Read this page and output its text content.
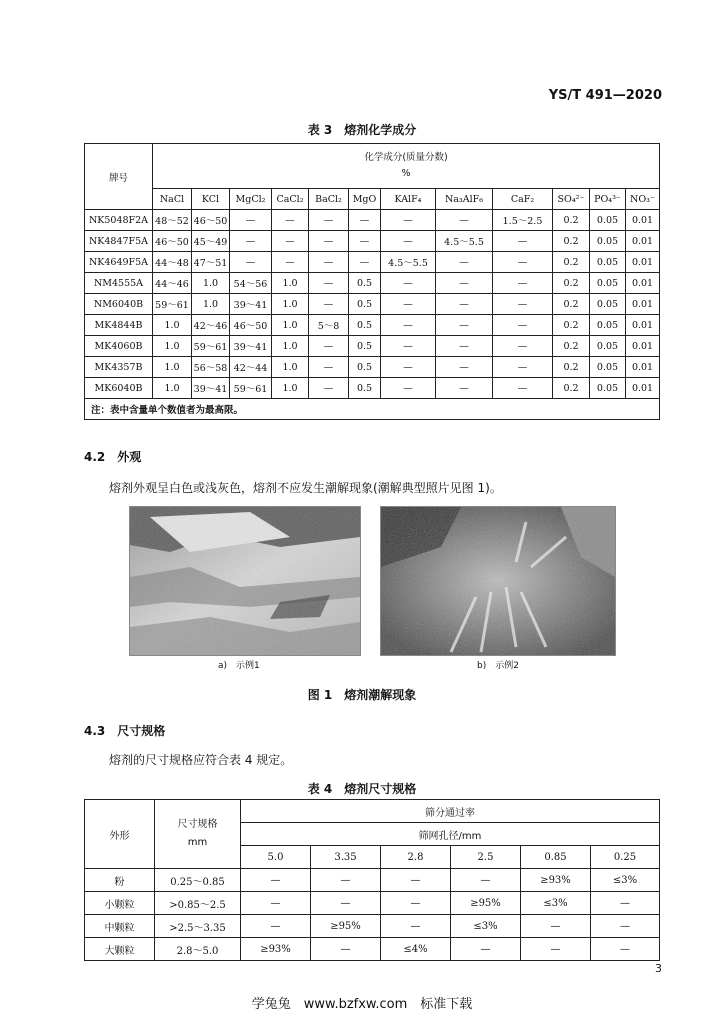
YS/T 491—2020
表 3　熔剂化学成分
牌号	化学成分(质量分数)
%											
	NaCl	KCl	MgCl₂	CaCl₂	BaCl₂	MgO	KAlF₄	Na₃AlF₆	CaF₂	SO₄²⁻	PO₄³⁻	NO₃⁻
NK5048F2A	48～52	46～50	—	—	—	—	—	—	1.5～2.5	0.2	0.05	0.01
NK4847F5A	46～50	45～49	—	—	—	—	—	4.5～5.5	—	0.2	0.05	0.01
NK4649F5A	44～48	47～51	—	—	—	—	4.5～5.5	—	—	0.2	0.05	0.01
NM4555A	44～46	1.0	54～56	1.0	—	0.5	—	—	—	0.2	0.05	0.01
NM6040B	59～61	1.0	39～41	1.0	—	0.5	—	—	—	0.2	0.05	0.01
MK4844B	1.0	42～46	46～50	1.0	5～8	0.5	—	—	—	0.2	0.05	0.01
MK4060B	1.0	59～61	39～41	1.0	—	0.5	—	—	—	0.2	0.05	0.01
MK4357B	1.0	56～58	42～44	1.0	—	0.5	—	—	—	0.2	0.05	0.01
MK6040B	1.0	39～41	59～61	1.0	—	0.5	—	—	—	0.2	0.05	0.01
注：表中含量单个数值者为最高限。												
4.2　外观
熔剂外观呈白色或浅灰色，熔剂不应发生潮解现象(潮解典型照片见图 1)。
a)　示例1	b)　示例2
图 1　熔剂潮解现象
4.3　尺寸规格
熔剂的尺寸规格应符合表 4 规定。
表 4　熔剂尺寸规格
外形	尺寸规格
mm	筛分通过率					
		筛网孔径/mm					
		5.0	3.35	2.8	2.5	0.85	0.25
粉	0.25～0.85	—	—	—	—	≥93%	≤3%
小颗粒	>0.85～2.5	—	—	—	≥95%	≤3%	—
中颗粒	>2.5～3.35	—	≥95%	—	≤3%	—	—
大颗粒	2.8～5.0	≥93%	—	≤4%	—	—	—
3
学兔兔　www.bzfxw.com　标准下载
